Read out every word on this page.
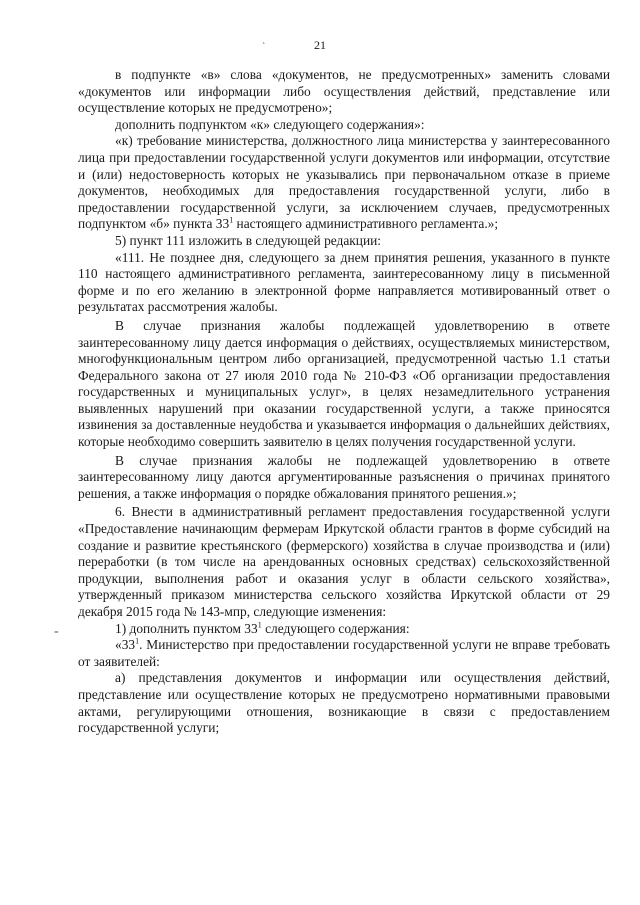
21
`
-

в подпункте «в» слова «документов, не предусмотренных» заменить словами «документов или информации либо осуществления действий, представление или осуществление которых не предусмотрено»;

дополнить подпунктом «к» следующего содержания»:

«к) требование министерства, должностного лица министерства у заинтересованного лица при предоставлении государственной услуги документов или информации, отсутствие и (или) недостоверность которых не указывались при первоначальном отказе в приеме документов, необходимых для предоставления государственной услуги, либо в предоставлении государственной услуги, за исключением случаев, предусмотренных подпунктом «б» пункта $33^1$ настоящего административного регламента.»;

5) пункт 111 изложить в следующей редакции:

«111. Не позднее дня, следующего за днем принятия решения, указанного в пункте 110 настоящего административного регламента, заинтересованному лицу в письменной форме и по его желанию в электронной форме направляется мотивированный ответ о результатах рассмотрения жалобы.

В случае признания жалобы подлежащей удовлетворению в ответе заинтересованному лицу дается информация о действиях, осуществляемых министерством, многофункциональным центром либо организацией, предусмотренной частью 1.1 статьи Федерального закона от 27 июля 2010 года № 210-ФЗ «Об организации предоставления государственных и муниципальных услуг», в целях незамедлительного устранения выявленных нарушений при оказании государственной услуги, а также приносятся извинения за доставленные неудобства и указывается информация о дальнейших действиях, которые необходимо совершить заявителю в целях получения государственной услуги.

В случае признания жалобы не подлежащей удовлетворению в ответе заинтересованному лицу даются аргументированные разъяснения о причинах принятого решения, а также информация о порядке обжалования принятого решения.»;

6. Внести в административный регламент предоставления государственной услуги «Предоставление начинающим фермерам Иркутской области грантов в форме субсидий на создание и развитие крестьянского (фермерского) хозяйства в случае производства и (или) переработки (в том числе на арендованных основных средствах) сельскохозяйственной продукции, выполнения работ и оказания услуг в области сельского хозяйства», утвержденный приказом министерства сельского хозяйства Иркутской области от 29 декабря 2015 года № 143-мпр, следующие изменения:

1) дополнить пунктом $33^1$ следующего содержания:

«$33^1$. Министерство при предоставлении государственной услуги не вправе требовать от заявителей:

а) представления документов и информации или осуществления действий, представление или осуществление которых не предусмотрено нормативными правовыми актами, регулирующими отношения, возникающие в связи с предоставлением государственной услуги;
